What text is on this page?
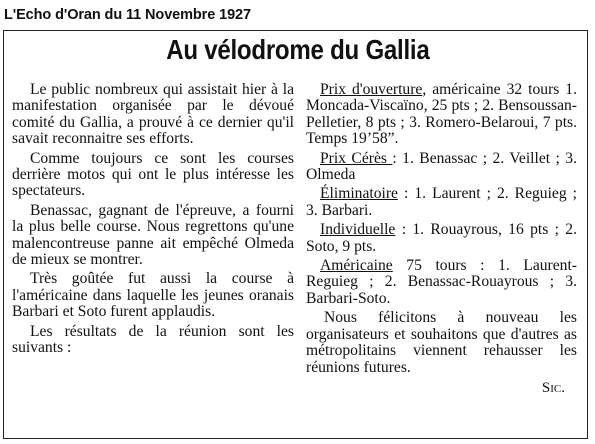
L'Echo d'Oran du 11 Novembre 1927
Au vélodrome du Gallia

Le public nombreux qui assistait hier à la manifestation organisée par le dévoué comité du Gallia, a prouvé à ce dernier qu'il savait reconnaitre ses efforts.

Comme toujours ce sont les courses derrière motos qui ont le plus intéresse les spectateurs.

Benassac, gagnant de l'épreuve, a fourni la plus belle course. Nous regrettons qu'une malencontreuse panne ait empêché Olmeda de mieux se montrer.

Très goûtée fut aussi la course à l'américaine dans laquelle les jeunes oranais Barbari et Soto furent applaudis.

Les résultats de la réunion sont les suivants :

Prix d'ouverture, américaine 32 tours 1. Moncada-Viscaïno, 25 pts ; 2. Bensoussan-Pelletier, 8 pts ; 3. Romero-Belaroui, 7 pts. Temps 19’58”.

Prix Cérès : 1. Benassac ; 2. Veillet ; 3. Olmeda

Éliminatoire : 1. Laurent ; 2. Reguieg ; 3. Barbari.

Individuelle : 1. Rouayrous, 16 pts ; 2. Soto, 9 pts.

Américaine 75 tours : 1. Laurent-Reguieg ; 2. Benassac-Rouayrous ; 3. Barbari-Soto.

Nous félicitons à nouveau les organisateurs et souhaitons que d'autres as métropolitains viennent rehausser les réunions futures.

Sic.
